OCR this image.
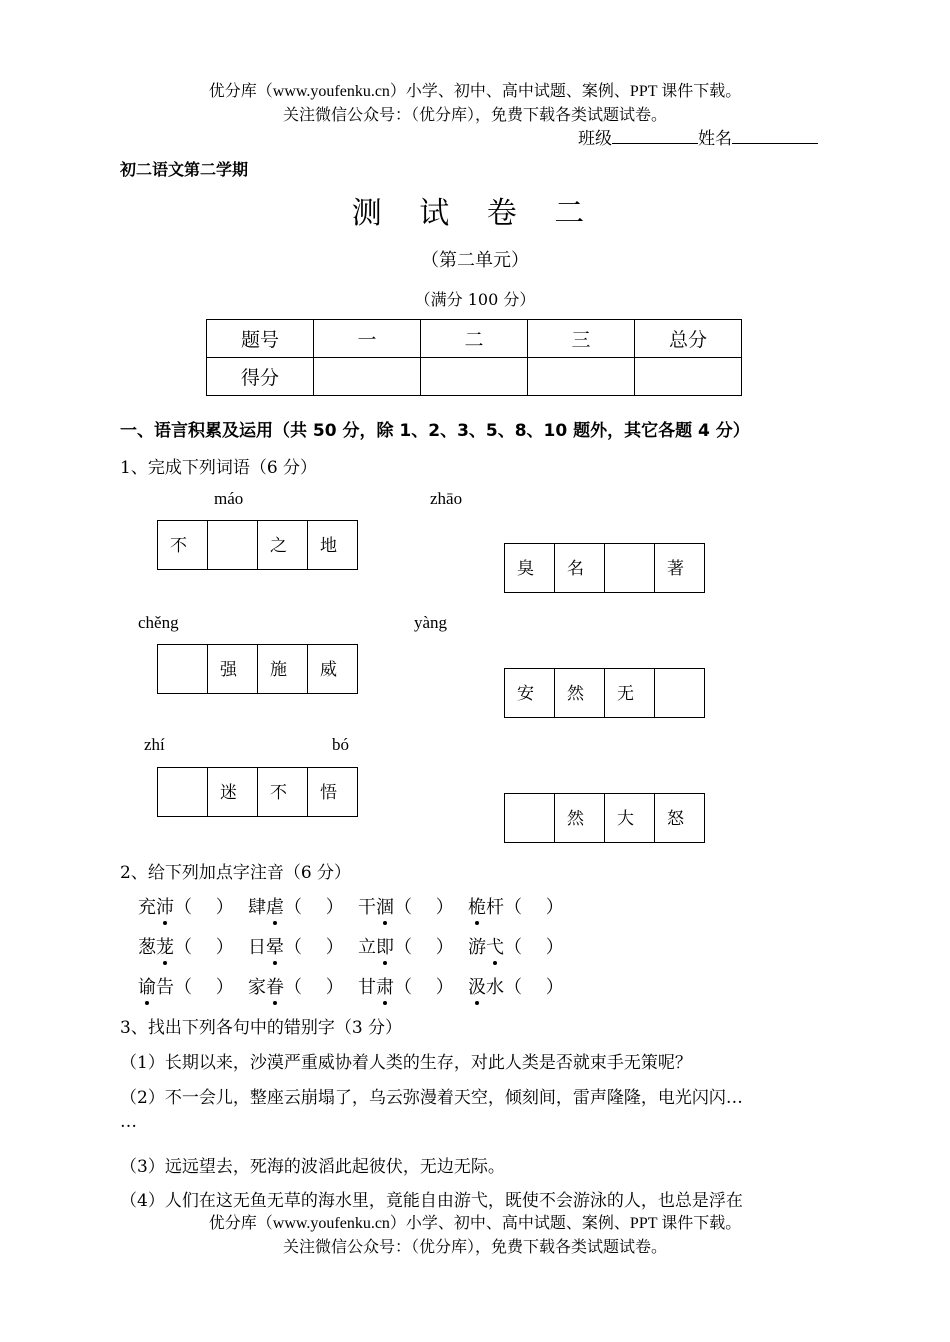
优分库（www.youfenku.cn）小学、初中、高中试题、案例、PPT 课件下载。
关注微信公众号：（优分库），免费下载各类试题试卷。
班级	姓名
初二语文第二学期
测 试 卷 二
（第二单元）
（满分 100 分）
题号	一	二	三	总分
得分				
一、语言积累及运用（共 50 分，除 1、2、3、5、8、10 题外，其它各题 4 分）
1、完成下列词语（6 分）
máo	zhāo
chěng	yàng
zhí	bó
不	之	地
臭	名	著
强	施	威
安	然	无
迷	不	悟
然	大	怒
2、给下列加点字注音（6 分）
充沛（　 ） 肆虐（　 ） 干涸（　 ） 桅杆（　 ）
葱茏（　 ） 日晕（　 ） 立即（　 ） 游弋（　 ）
谕告（　 ） 家眷（　 ） 甘肃（　 ） 汲水（　 ）
3、找出下列各句中的错别字（3 分）
（1）长期以来，沙漠严重威协着人类的生存，对此人类是否就束手无策呢？
（2）不一会儿，整座云崩塌了，乌云弥漫着天空，倾刻间，雷声隆隆，电光闪闪…
…
（3）远远望去，死海的波滔此起彼伏，无边无际。
（4）人们在这无鱼无草的海水里，竟能自由游弋，既使不会游泳的人，也总是浮在
优分库（www.youfenku.cn）小学、初中、高中试题、案例、PPT 课件下载。
关注微信公众号：（优分库），免费下载各类试题试卷。
